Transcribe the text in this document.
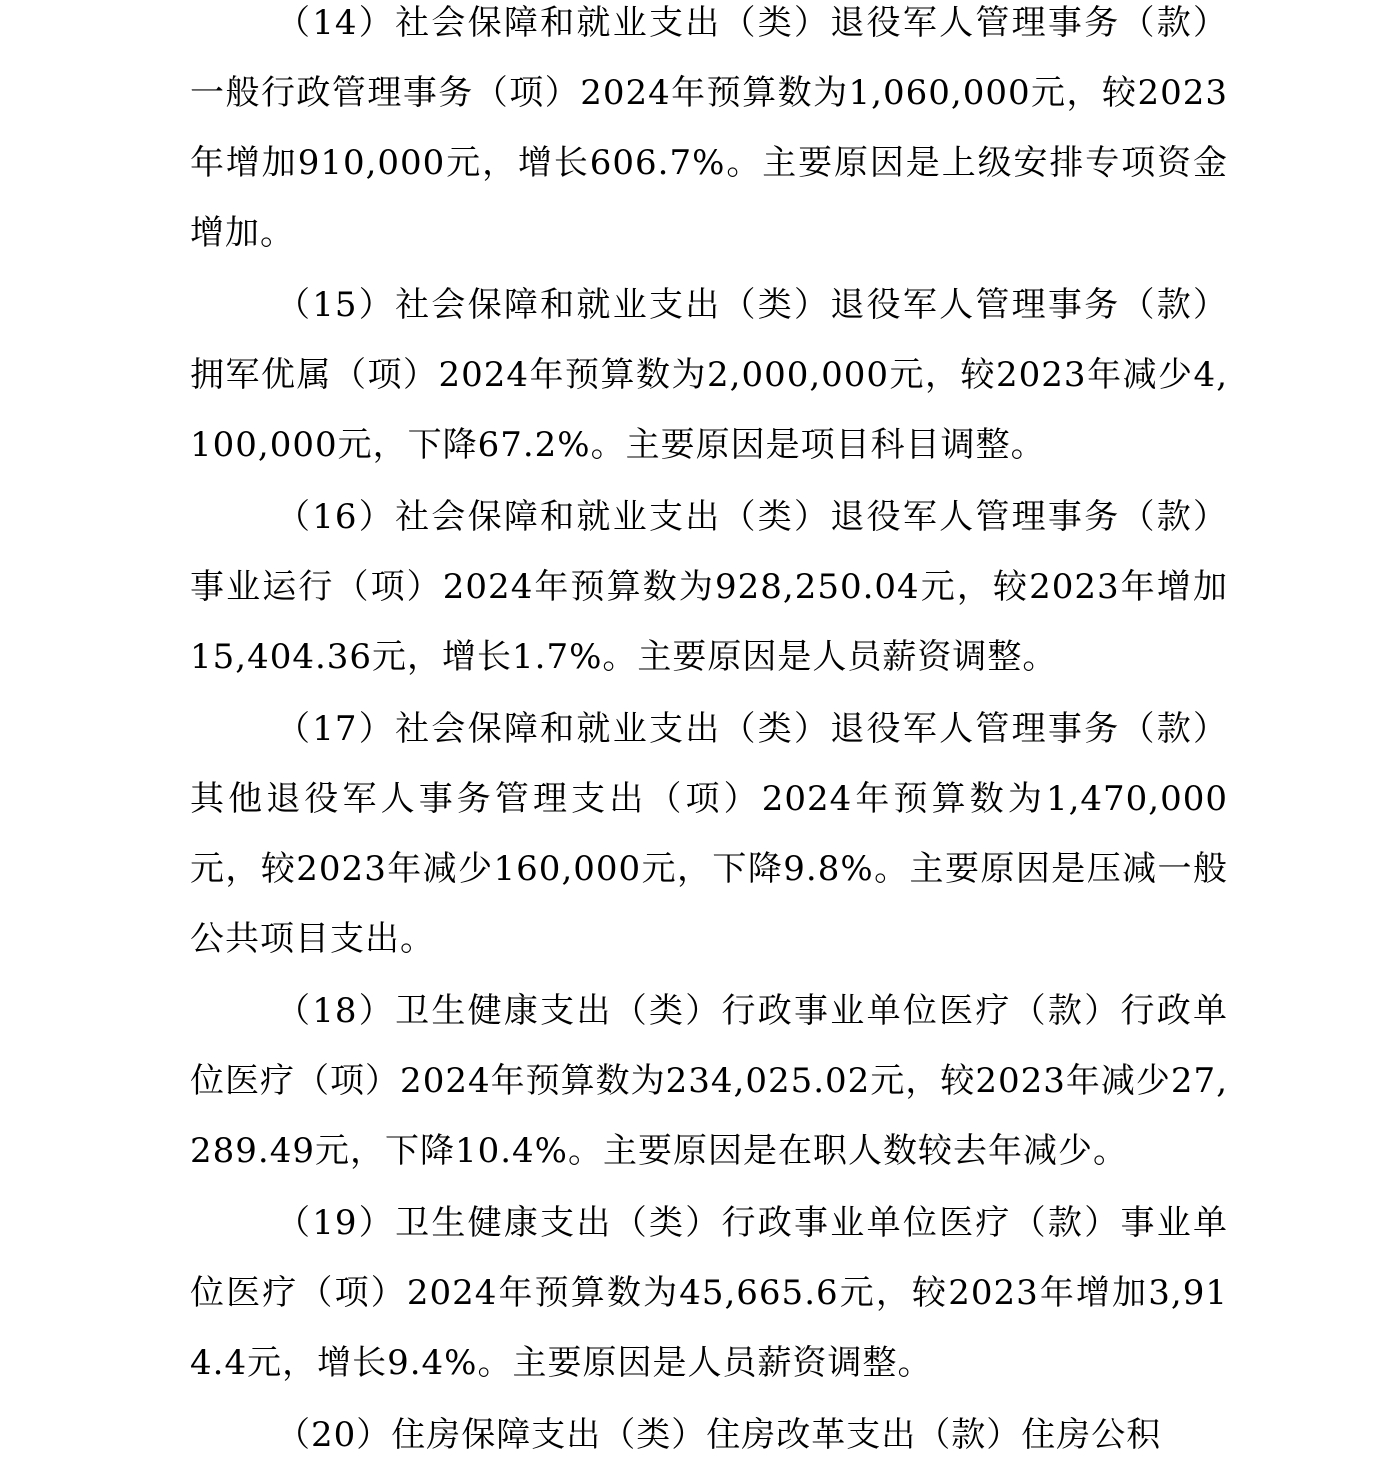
（14）社会保障和就业支出（类）退役军人管理事务（款）一般行政管理事务（项）2024年预算数为1,060,000元，较2023年增加910,000元，增长606.7%。主要原因是上级安排专项资金增加。

（15）社会保障和就业支出（类）退役军人管理事务（款）拥军优属（项）2024年预算数为2,000,000元，较2023年减少4,100,000元，下降67.2%。主要原因是项目科目调整。

（16）社会保障和就业支出（类）退役军人管理事务（款）事业运行（项）2024年预算数为928,250.04元，较2023年增加15,404.36元，增长1.7%。主要原因是人员薪资调整。

（17）社会保障和就业支出（类）退役军人管理事务（款）其他退役军人事务管理支出（项）2024年预算数为1,470,000元，较2023年减少160,000元，下降9.8%。主要原因是压减一般公共项目支出。

（18）卫生健康支出（类）行政事业单位医疗（款）行政单位医疗（项）2024年预算数为234,025.02元，较2023年减少27,289.49元，下降10.4%。主要原因是在职人数较去年减少。

（19）卫生健康支出（类）行政事业单位医疗（款）事业单位医疗（项）2024年预算数为45,665.6元，较2023年增加3,914.4元，增长9.4%。主要原因是人员薪资调整。

（20）住房保障支出（类）住房改革支出（款）住房公积
